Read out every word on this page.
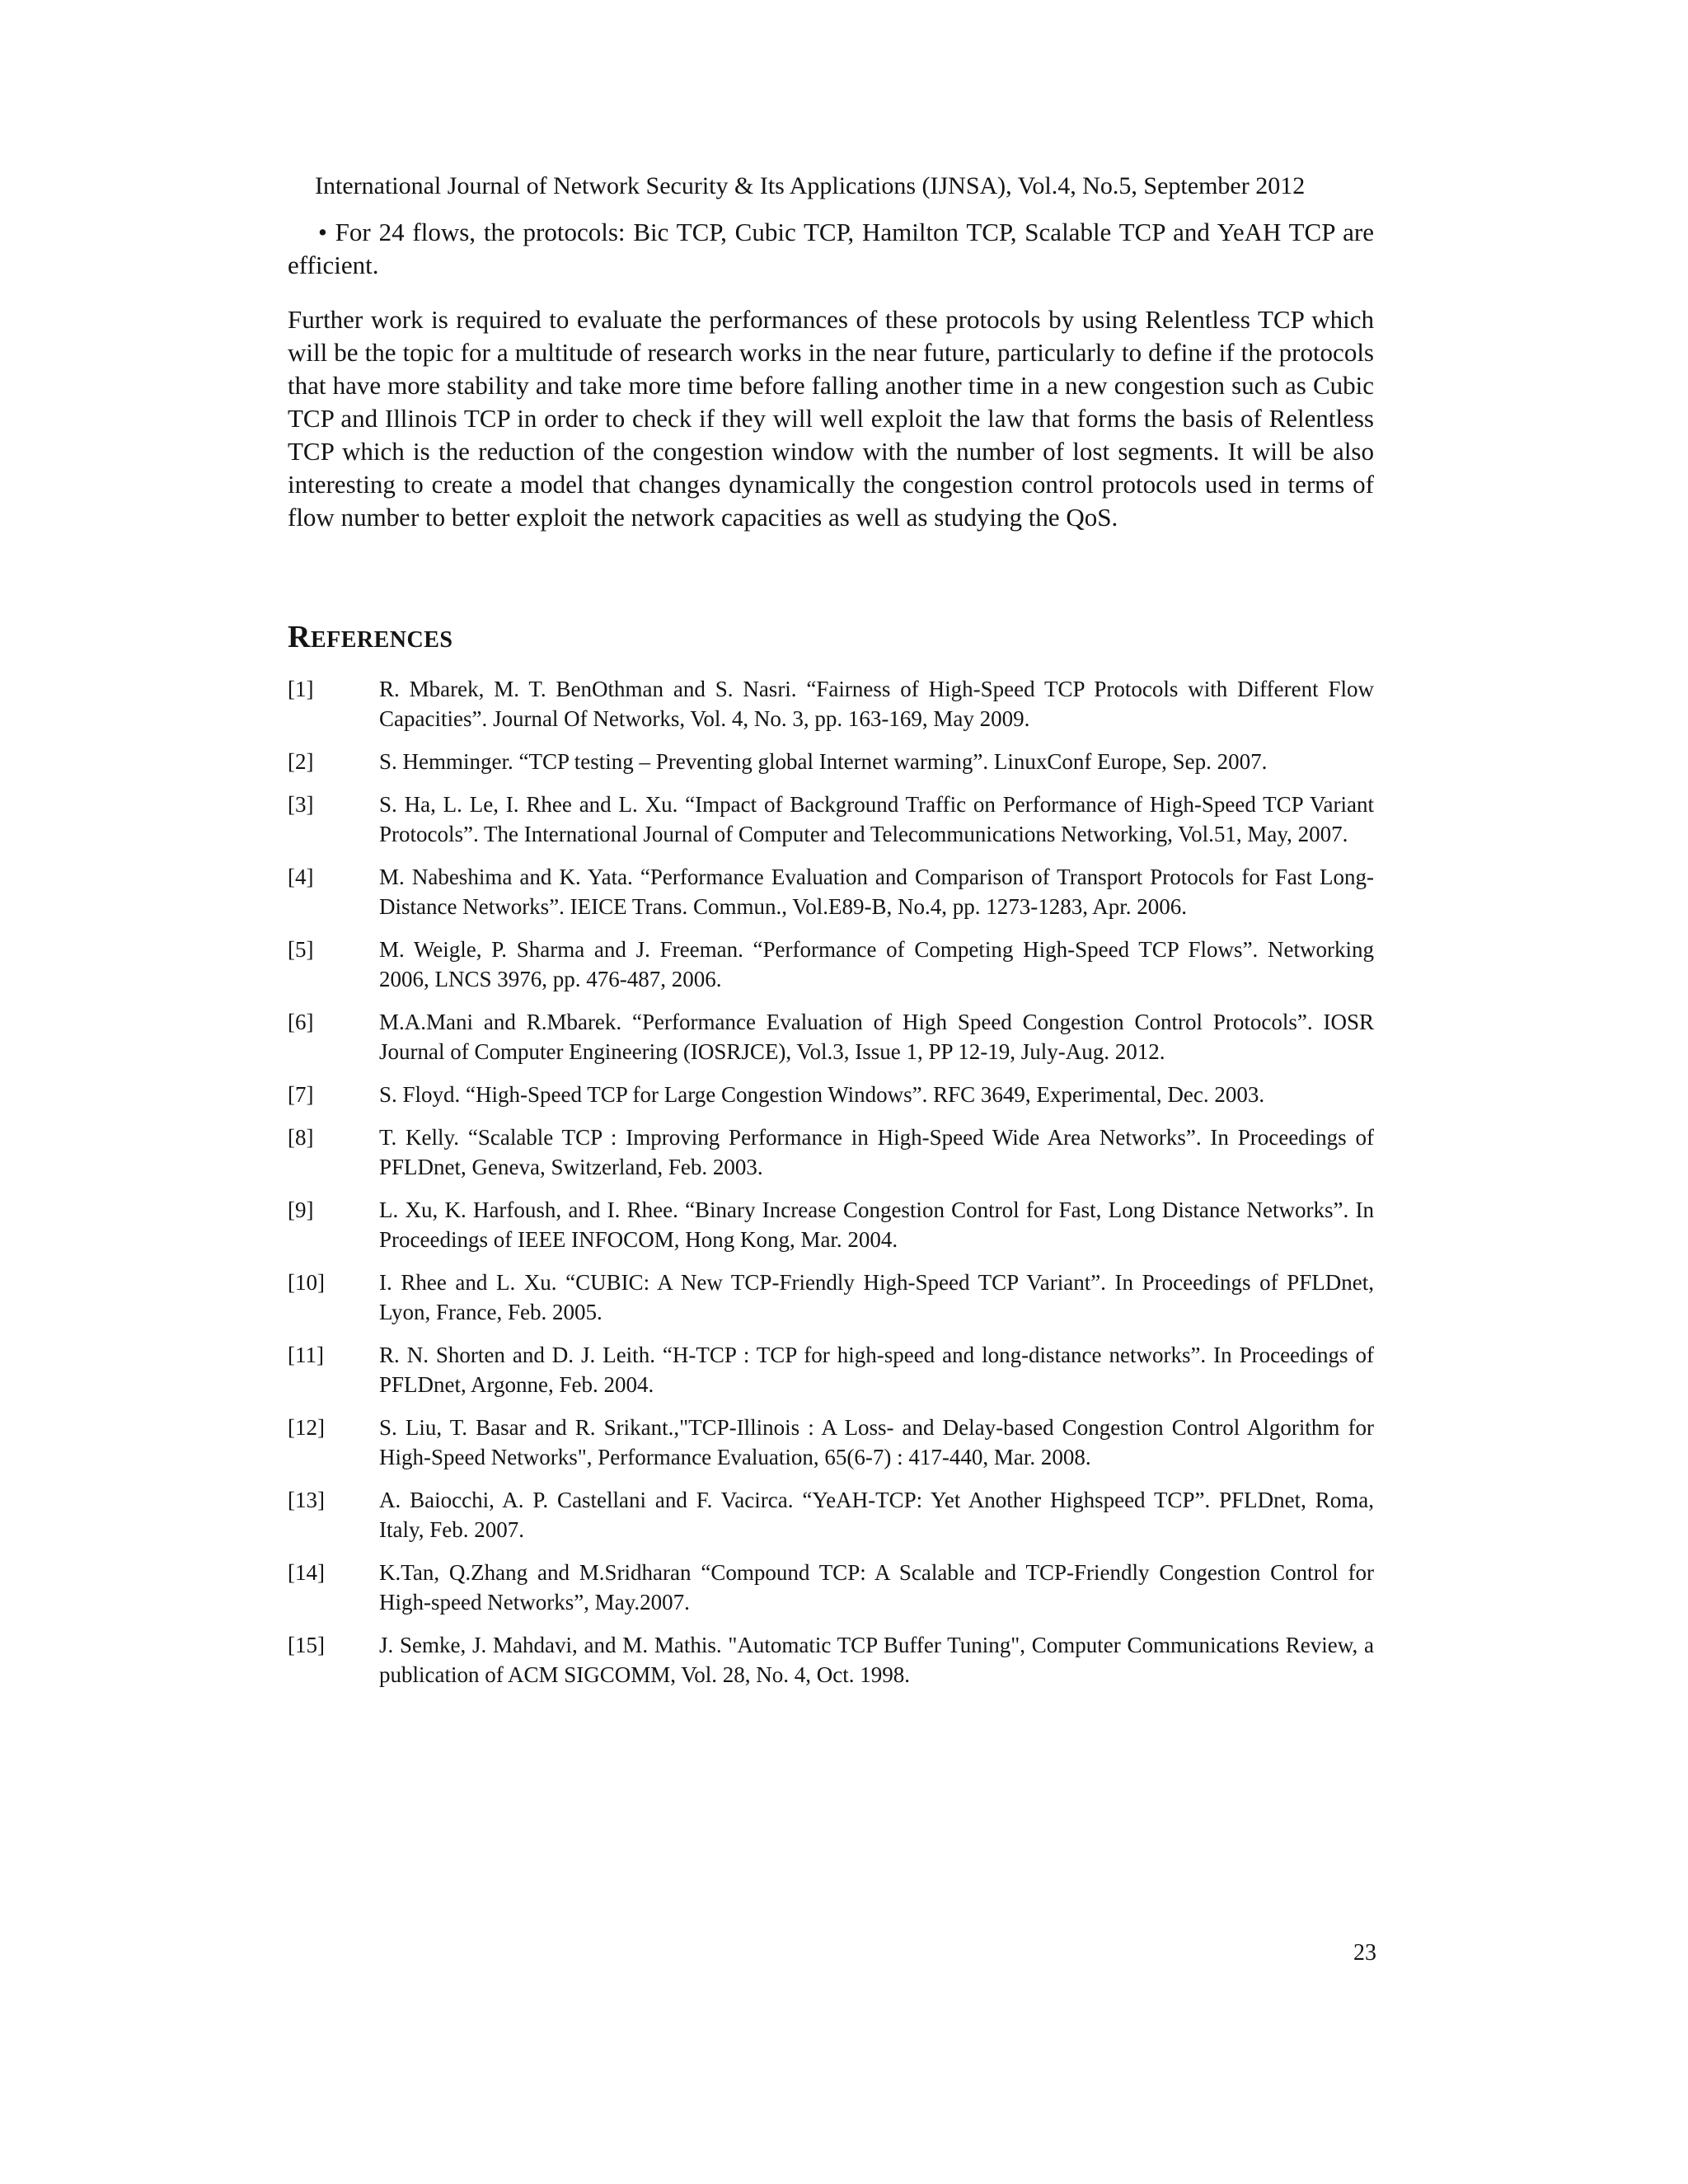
International Journal of Network Security & Its Applications (IJNSA), Vol.4, No.5, September 2012

• For 24 flows, the protocols: Bic TCP, Cubic TCP, Hamilton TCP, Scalable TCP and YeAH TCP are efficient.

Further work is required to evaluate the performances of these protocols by using Relentless TCP which will be the topic for a multitude of research works in the near future, particularly to define if the protocols that have more stability and take more time before falling another time in a new congestion such as Cubic TCP and Illinois TCP in order to check if they will well exploit the law that forms the basis of Relentless TCP which is the reduction of the congestion window with the number of lost segments. It will be also interesting to create a model that changes dynamically the congestion control protocols used in terms of flow number to better exploit the network capacities as well as studying the QoS.

REFERENCES
[1]	R. Mbarek, M. T. BenOthman and S. Nasri. “Fairness of High-Speed TCP Protocols with Different Flow Capacities”. Journal Of Networks, Vol. 4, No. 3, pp. 163-169, May 2009.
[2]	S. Hemminger. “TCP testing – Preventing global Internet warming”. LinuxConf Europe, Sep. 2007.
[3]	S. Ha, L. Le, I. Rhee and L. Xu. “Impact of Background Traffic on Performance of High-Speed TCP Variant Protocols”. The International Journal of Computer and Telecommunications Networking, Vol.51, May, 2007.
[4]	M. Nabeshima and K. Yata. “Performance Evaluation and Comparison of Transport Protocols for Fast Long-Distance Networks”. IEICE Trans. Commun., Vol.E89-B, No.4, pp. 1273-1283, Apr. 2006.
[5]	M. Weigle, P. Sharma and J. Freeman. “Performance of Competing High-Speed TCP Flows”. Networking 2006, LNCS 3976, pp. 476-487, 2006.
[6]	M.A.Mani and R.Mbarek. “Performance Evaluation of High Speed Congestion Control Protocols”. IOSR Journal of Computer Engineering (IOSRJCE), Vol.3, Issue 1, PP 12-19, July-Aug. 2012.
[7]	S. Floyd. “High-Speed TCP for Large Congestion Windows”. RFC 3649, Experimental, Dec. 2003.
[8]	T. Kelly. “Scalable TCP : Improving Performance in High-Speed Wide Area Networks”. In Proceedings of PFLDnet, Geneva, Switzerland, Feb. 2003.
[9]	L. Xu, K. Harfoush, and I. Rhee. “Binary Increase Congestion Control for Fast, Long Distance Networks”. In Proceedings of IEEE INFOCOM, Hong Kong, Mar. 2004.
[10]	I. Rhee and L. Xu. “CUBIC: A New TCP-Friendly High-Speed TCP Variant”. In Proceedings of PFLDnet, Lyon, France, Feb. 2005.
[11]	R. N. Shorten and D. J. Leith. “H-TCP : TCP for high-speed and long-distance networks”. In Proceedings of PFLDnet, Argonne, Feb. 2004.
[12]	S. Liu, T. Basar and R. Srikant.,"TCP-Illinois : A Loss- and Delay-based Congestion Control Algorithm for High-Speed Networks", Performance Evaluation, 65(6-7) : 417-440, Mar. 2008.
[13]	A. Baiocchi, A. P. Castellani and F. Vacirca. “YeAH-TCP: Yet Another Highspeed TCP”. PFLDnet, Roma, Italy, Feb. 2007.
[14]	K.Tan, Q.Zhang and M.Sridharan “Compound TCP: A Scalable and TCP-Friendly Congestion Control for High-speed Networks”, May.2007.
[15]	J. Semke, J. Mahdavi, and M. Mathis. "Automatic TCP Buffer Tuning", Computer Communications Review, a publication of ACM SIGCOMM, Vol. 28, No. 4, Oct. 1998.
23
